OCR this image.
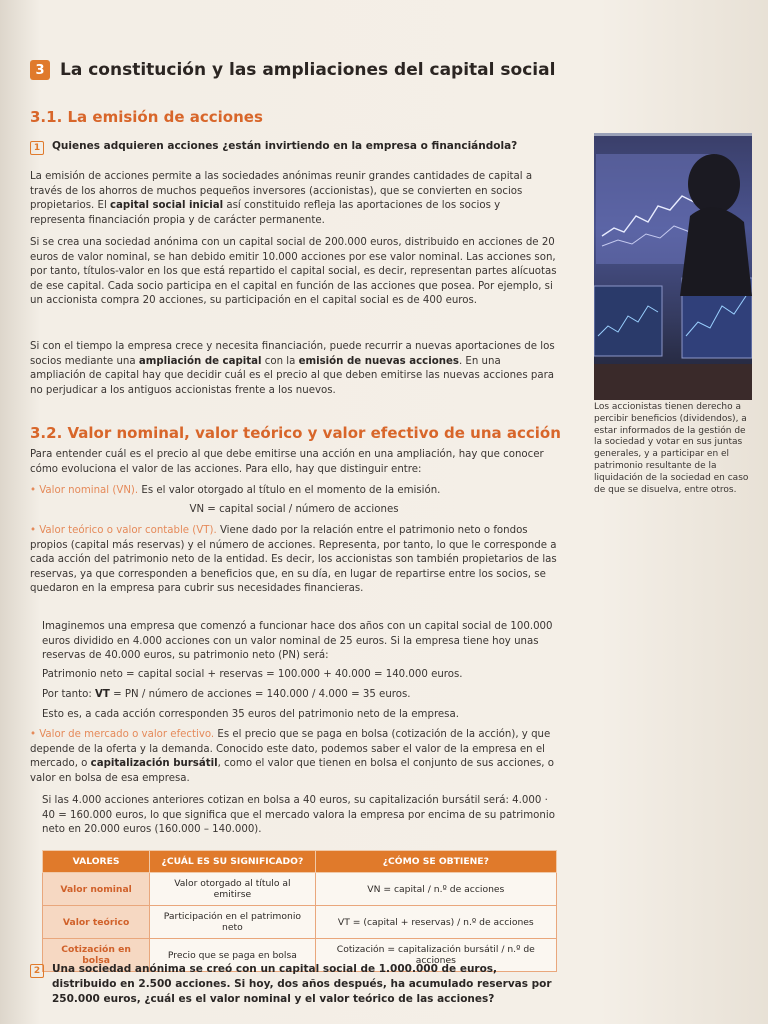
3 La constitución y las ampliaciones del capital social
3.1. La emisión de acciones
1	Quienes adquieren acciones ¿están invirtiendo en la empresa o financiándola?
La emisión de acciones permite a las sociedades anónimas reunir grandes cantidades de capital a través de los ahorros de muchos pequeños inversores (accionistas), que se convierten en socios propietarios. El capital social inicial así constituido refleja las aportaciones de los socios y representa financiación propia y de carácter permanente.
Si se crea una sociedad anónima con un capital social de 200.000 euros, distribuido en acciones de 20 euros de valor nominal, se han debido emitir 10.000 acciones por ese valor nominal. Las acciones son, por tanto, títulos-valor en los que está repartido el capital social, es decir, representan partes alícuotas de ese capital. Cada socio participa en el capital en función de las acciones que posea. Por ejemplo, si un accionista compra 20 acciones, su participación en el capital social es de 400 euros.
Si con el tiempo la empresa crece y necesita financiación, puede recurrir a nuevas aportaciones de los socios mediante una ampliación de capital con la emisión de nuevas acciones. En una ampliación de capital hay que decidir cuál es el precio al que deben emitirse las nuevas acciones para no perjudicar a los antiguos accionistas frente a los nuevos.
Los accionistas tienen derecho a percibir beneficios (dividendos), a estar informados de la gestión de la sociedad y votar en sus juntas generales, y a participar en el patrimonio resultante de la liquidación de la sociedad en caso de que se disuelva, entre otros.
3.2. Valor nominal, valor teórico y valor efectivo de una acción
Para entender cuál es el precio al que debe emitirse una acción en una ampliación, hay que conocer cómo evoluciona el valor de las acciones. Para ello, hay que distinguir entre:
• Valor nominal (VN). Es el valor otorgado al título en el momento de la emisión.
VN = capital social / número de acciones
• Valor teórico o valor contable (VT). Viene dado por la relación entre el patrimonio neto o fondos propios (capital más reservas) y el número de acciones. Representa, por tanto, lo que le corresponde a cada acción del patrimonio neto de la entidad. Es decir, los accionistas son también propietarios de las reservas, ya que corresponden a beneficios que, en su día, en lugar de repartirse entre los socios, se quedaron en la empresa para cubrir sus necesidades financieras.
Imaginemos una empresa que comenzó a funcionar hace dos años con un capital social de 100.000 euros dividido en 4.000 acciones con un valor nominal de 25 euros. Si la empresa tiene hoy unas reservas de 40.000 euros, su patrimonio neto (PN) será:
Patrimonio neto = capital social + reservas = 100.000 + 40.000 = 140.000 euros.
Por tanto: VT = PN / número de acciones = 140.000 / 4.000 = 35 euros.
Esto es, a cada acción corresponden 35 euros del patrimonio neto de la empresa.
• Valor de mercado o valor efectivo. Es el precio que se paga en bolsa (cotización de la acción), y que depende de la oferta y la demanda. Conocido este dato, podemos saber el valor de la empresa en el mercado, o capitalización bursátil, como el valor que tienen en bolsa el conjunto de sus acciones, o valor en bolsa de esa empresa.
Si las 4.000 acciones anteriores cotizan en bolsa a 40 euros, su capitalización bursátil será: 4.000 · 40 = 160.000 euros, lo que significa que el mercado valora la empresa por encima de su patrimonio neto en 20.000 euros (160.000 – 140.000).
VALORES	¿CUÁL ES SU SIGNIFICADO?	¿CÓMO SE OBTIENE?
Valor nominal	Valor otorgado al título al emitirse	VN = capital / n.º de acciones
Valor teórico	Participación en el patrimonio neto	VT = (capital + reservas) / n.º de acciones
Cotización en bolsa	Precio que se paga en bolsa	Cotización = capitalización bursátil / n.º de acciones
2	Una sociedad anónima se creó con un capital social de 1.000.000 de euros, distribuido en 2.500 acciones. Si hoy, dos años después, ha acumulado reservas por 250.000 euros, ¿cuál es el valor nominal y el valor teórico de las acciones?
